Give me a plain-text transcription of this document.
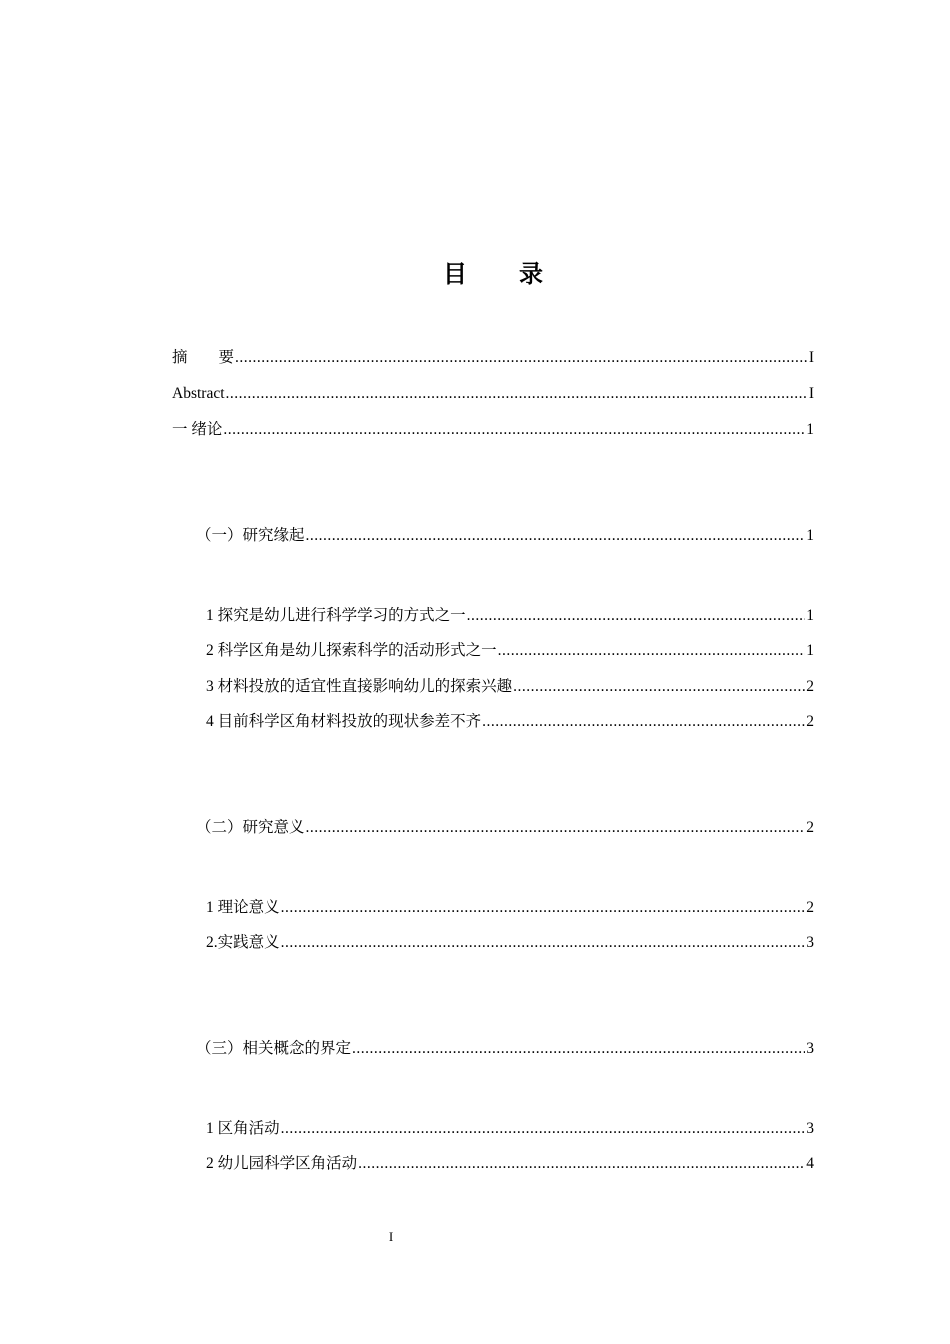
目 录
摘　　要 .....	I
Abstract .....	I
一 绪论 .....	1
（一）研究缘起 .....	1
1 探究是幼儿进行科学学习的方式之一 .....	1
2 科学区角是幼儿探索科学的活动形式之一 .....	1
3 材料投放的适宜性直接影响幼儿的探索兴趣 .....	2
4 目前科学区角材料投放的现状参差不齐 .....	2
（二）研究意义 .....	2
1 理论意义 .....	2
2.实践意义 .....	3
（三）相关概念的界定 .....	3
1 区角活动 .....	3
2 幼儿园科学区角活动 .....	4
I
